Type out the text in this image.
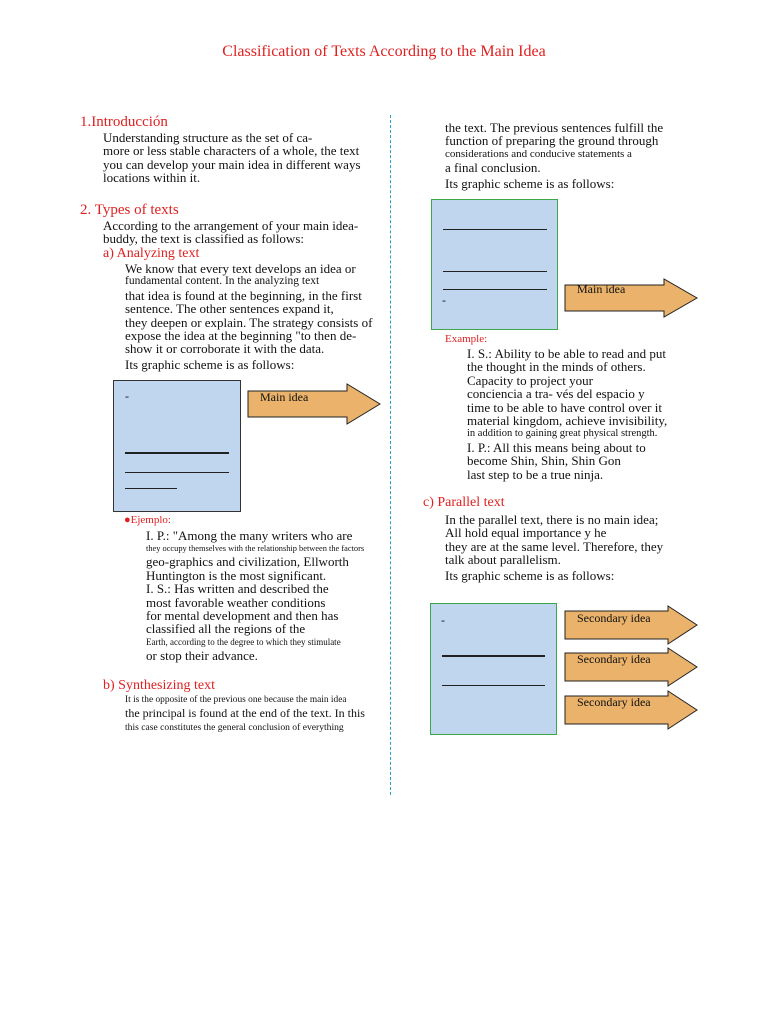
Classification of Texts According to the Main Idea
1.Introducción
Understanding structure as the set of ca-
more or less stable characters of a whole, the text
you can develop your main idea in different ways
locations within it.
2. Types of texts
According to the arrangement of your main idea-
buddy, the text is classified as follows:
a) Analyzing text
We know that every text develops an idea or
fundamental content. In the analyzing text
that idea is found at the beginning, in the first
sentence. The other sentences expand it,
they deepen or explain. The strategy consists of
expose the idea at the beginning "to then de-
show it or corroborate it with the data.
Its graphic scheme is as follows:
-	Main idea
●Ejemplo:
I. P.: "Among the many writers who are
they occupy themselves with the relationship between the factors
geo-graphics and civilization, Ellworth
Huntington is the most significant.
I. S.: Has written and described the
most favorable weather conditions
for mental development and then has
classified all the regions of the
Earth, according to the degree to which they stimulate
or stop their advance.
b) Synthesizing text
It is the opposite of the previous one because the main idea
the principal is found at the end of the text. In this
this case constitutes the general conclusion of everything
the text. The previous sentences fulfill the
function of preparing the ground through
considerations and conducive statements a
a final conclusion.
Its graphic scheme is as follows:
-
Main idea
Example:
I. S.: Ability to be able to read and put
the thought in the minds of others.
Capacity to project your
conciencia a tra- vés del espacio y
time to be able to have control over it
material kingdom, achieve invisibility,
in addition to gaining great physical strength.
I. P.: All this means being about to
become Shin, Shin, Shin Gon
last step to be a true ninja.
c) Parallel text
In the parallel text, there is no main idea;
All hold equal importance y he
they are at the same level. Therefore, they
talk about parallelism.
Its graphic scheme is as follows:
-	Secondary idea
Secondary idea
Secondary idea
